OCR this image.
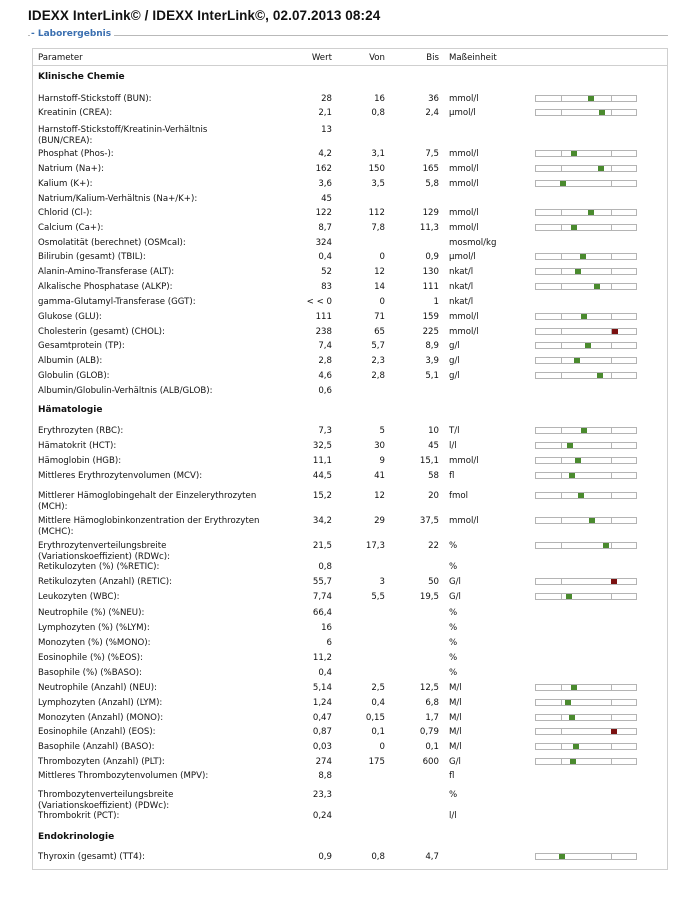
IDEXX InterLink© / IDEXX InterLink©, 02.07.2013 08:24
- Laborergebnis
Parameter	Wert	Von	Bis Maßeinheit
Klinische Chemie
Harnstoff-Stickstoff (BUN):	28	16	36 mmol/l
Kreatinin (CREA):	2,1	0,8	2,4 µmol/l
Harnstoff-Stickstoff/Kreatinin-Verhältnis (BUN/CREA):
13
Phosphat (Phos-):	4,2	3,1	7,5 mmol/l
Natrium (Na+):	162	150	165 mmol/l
Kalium (K+):	3,6	3,5	5,8 mmol/l
Natrium/Kalium-Verhältnis (Na+/K+):	45
Chlorid (Cl-):	122	112	129 mmol/l
Calcium (Ca+):	8,7	7,8	11,3 mmol/l
Osmolatität (berechnet) (OSMcal):	324	mosmol/kg
Bilirubin (gesamt) (TBIL):	0,4	0	0,9 µmol/l
Alanin-Amino-Transferase (ALT):	52	12	130 nkat/l
Alkalische Phosphatase (ALKP):	83	14	111 nkat/l
gamma-Glutamyl-Transferase (GGT):	< < 0	0	1 nkat/l
Glukose (GLU):	111	71	159 mmol/l
Cholesterin (gesamt) (CHOL):	238	65	225 mmol/l
Gesamtprotein (TP):	7,4	5,7	8,9 g/l
Albumin (ALB):	2,8	2,3	3,9 g/l
Globulin (GLOB):	4,6	2,8	5,1 g/l
Albumin/Globulin-Verhältnis (ALB/GLOB):	0,6
Hämatologie
Erythrozyten (RBC):	7,3	5	10 T/l
Hämatokrit (HCT):	32,5	30	45 l/l
Hämoglobin (HGB):	11,1	9	15,1 mmol/l
Mittleres Erythrozytenvolumen (MCV):	44,5	41	58 fl
Mittlerer Hämoglobingehalt der Einzelerythrozyten (MCH):
15,2	12	20 fmol
Mittlere Hämoglobinkonzentration der Erythrozyten (MCHC):
34,2	29	37,5 mmol/l
Erythrozytenverteilungsbreite (Variationskoeffizient) (RDWc):
21,5	17,3	22 %
Retikulozyten (%) (%RETIC):	0,8	%
Retikulozyten (Anzahl) (RETIC):	55,7	3	50 G/l
Leukozyten (WBC):	7,74	5,5	19,5 G/l
Neutrophile (%) (%NEU):	66,4	%
Lymphozyten (%) (%LYM):	16	%
Monozyten (%) (%MONO):	6	%
Eosinophile (%) (%EOS):	11,2	%
Basophile (%) (%BASO):	0,4	%
Neutrophile (Anzahl) (NEU):	5,14	2,5	12,5 M/l
Lymphozyten (Anzahl) (LYM):	1,24	0,4	6,8 M/l
Monozyten (Anzahl) (MONO):	0,47	0,15	1,7 M/l
Eosinophile (Anzahl) (EOS):	0,87	0,1	0,79 M/l
Basophile (Anzahl) (BASO):	0,03	0	0,1 M/l
Thrombozyten (Anzahl) (PLT):	274	175	600 G/l
Mittleres Thrombozytenvolumen (MPV):	8,8	fl
Thrombozytenverteilungsbreite (Variationskoeffizient) (PDWc):
23,3	%
Thrombokrit (PCT):	0,24	l/l
Endokrinologie
Thyroxin (gesamt) (TT4):	0,9	0,8	4,7
